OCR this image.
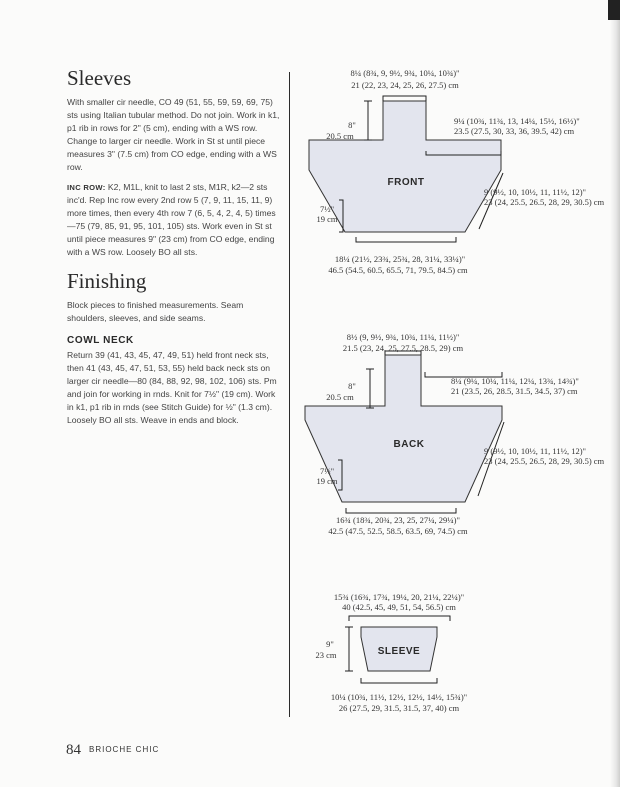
Sleeves

With smaller cir needle, CO 49 (51, 55, 59, 59, 69, 75) sts using Italian tubular method. Do not join. Work in k1, p1 rib in rows for 2" (5 cm), ending with a WS row. Change to larger cir needle. Work in St st until piece measures 3" (7.5 cm) from CO edge, ending with a WS row.

INC ROW: K2, M1L, knit to last 2 sts, M1R, k2—2 sts inc'd. Rep Inc row every 2nd row 5 (7, 9, 11, 15, 11, 9) more times, then every 4th row 7 (6, 5, 4, 2, 4, 5) times—75 (79, 85, 91, 95, 101, 105) sts. Work even in St st until piece measures 9" (23 cm) from CO edge, ending with a WS row. Loosely BO all sts.

Finishing

Block pieces to finished measurements. Seam shoulders, sleeves, and side seams.

COWL NECK

Return 39 (41, 43, 45, 47, 49, 51) held front neck sts, then 41 (43, 45, 47, 51, 53, 55) held back neck sts on larger cir needle—80 (84, 88, 92, 98, 102, 106) sts. Pm and join for working in rnds. Knit for 7½" (19 cm). Work in k1, p1 rib in rnds (see Stitch Guide) for ½" (1.3 cm). Loosely BO all sts. Weave in ends and block.

84 BRIOCHE CHIC
8¼ (8¾, 9, 9½, 9¾, 10¼, 10¾)"
21 (22, 23, 24, 25, 26, 27.5) cm
8"
20.5 cm
9¼ (10¾, 11¾, 13, 14¼, 15½, 16½)"
23.5 (27.5, 30, 33, 36, 39.5, 42) cm
9 (9½, 10, 10½, 11, 11½, 12)"
23 (24, 25.5, 26.5, 28, 29, 30.5) cm
7½"
19 cm
18¼ (21½, 23¾, 25¾, 28, 31¼, 33¼)"
46.5 (54.5, 60.5, 65.5, 71, 79.5, 84.5) cm
FRONT
8½ (9, 9½, 9¾, 10¾, 11¼, 11½)"
21.5 (23, 24, 25, 27.5, 28.5, 29) cm
8"
20.5 cm
8¼ (9¼, 10¼, 11¼, 12¼, 13¾, 14¾)"
21 (23.5, 26, 28.5, 31.5, 34.5, 37) cm
9 (9½, 10, 10½, 11, 11½, 12)"
23 (24, 25.5, 26.5, 28, 29, 30.5) cm
7½"
19 cm
16¾ (18¾, 20¾, 23, 25, 27¼, 29¼)"
42.5 (47.5, 52.5, 58.5, 63.5, 69, 74.5) cm
BACK
15¾ (16¾, 17¾, 19¼, 20, 21¼, 22¼)"
40 (42.5, 45, 49, 51, 54, 56.5) cm
9"
23 cm
10¼ (10¾, 11½, 12½, 12½, 14½, 15¾)"
26 (27.5, 29, 31.5, 31.5, 37, 40) cm
SLEEVE
